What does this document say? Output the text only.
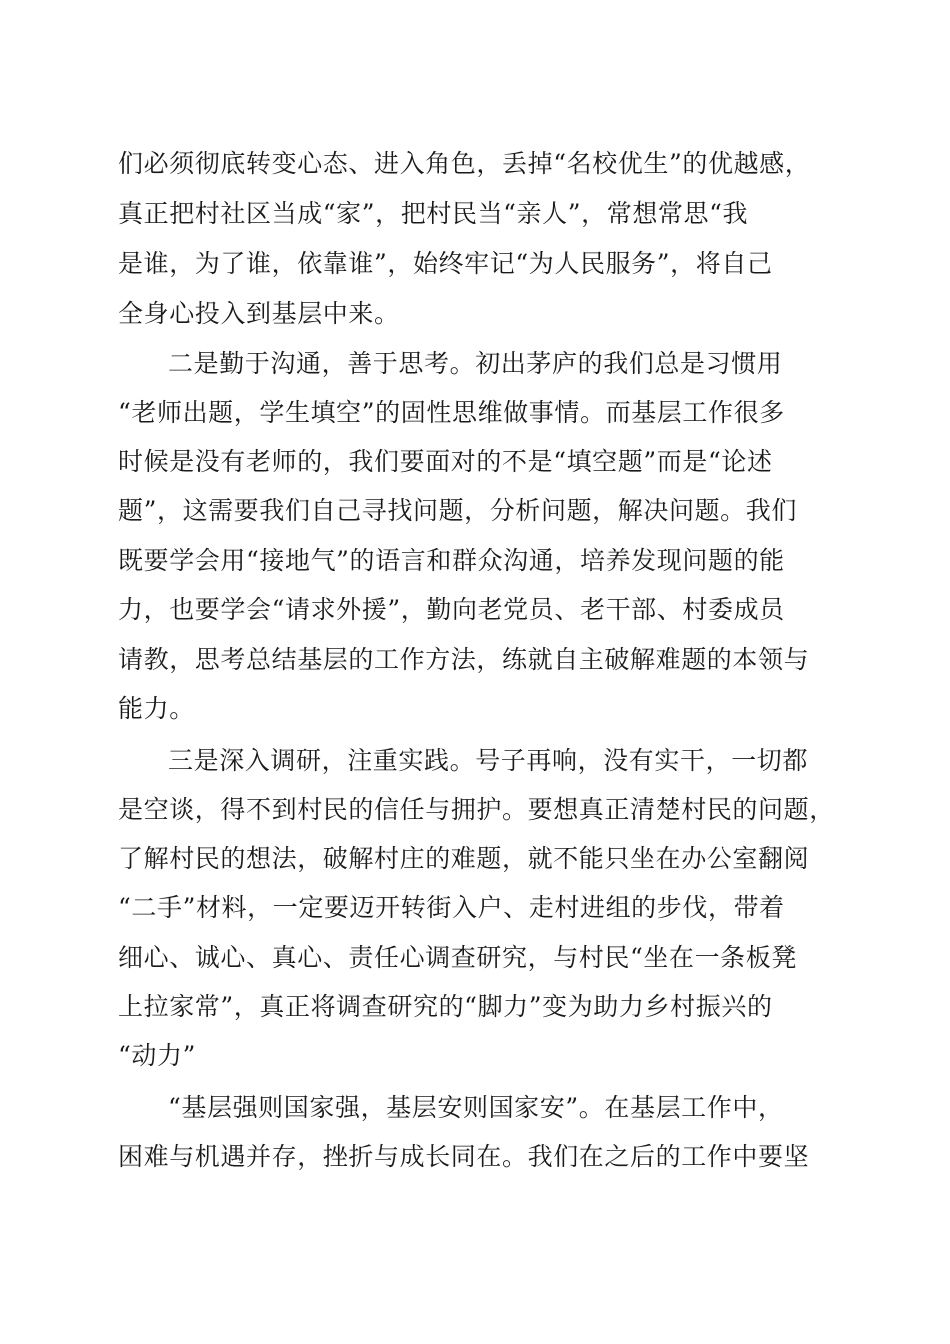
们必须彻底转变心态、进入角色，丢掉“名校优生”的优越感，
真正把村社区当成“家”，把村民当“亲人”，常想常思“我
是谁，为了谁，依靠谁”，始终牢记“为人民服务”，将自己
全身心投入到基层中来。
二是勤于沟通，善于思考。初出茅庐的我们总是习惯用
“老师出题，学生填空”的固性思维做事情。而基层工作很多
时候是没有老师的，我们要面对的不是“填空题”而是“论述
题”，这需要我们自己寻找问题，分析问题，解决问题。我们
既要学会用“接地气”的语言和群众沟通，培养发现问题的能
力，也要学会“请求外援”，勤向老党员、老干部、村委成员
请教，思考总结基层的工作方法，练就自主破解难题的本领与
能力。
三是深入调研，注重实践。号子再响，没有实干，一切都
是空谈，得不到村民的信任与拥护。要想真正清楚村民的问题，
了解村民的想法，破解村庄的难题，就不能只坐在办公室翻阅
“二手”材料，一定要迈开转街入户、走村进组的步伐，带着
细心、诚心、真心、责任心调查研究，与村民“坐在一条板凳
上拉家常”，真正将调查研究的“脚力”变为助力乡村振兴的
“动力”
“基层强则国家强，基层安则国家安”。在基层工作中，
困难与机遇并存，挫折与成长同在。我们在之后的工作中要坚
